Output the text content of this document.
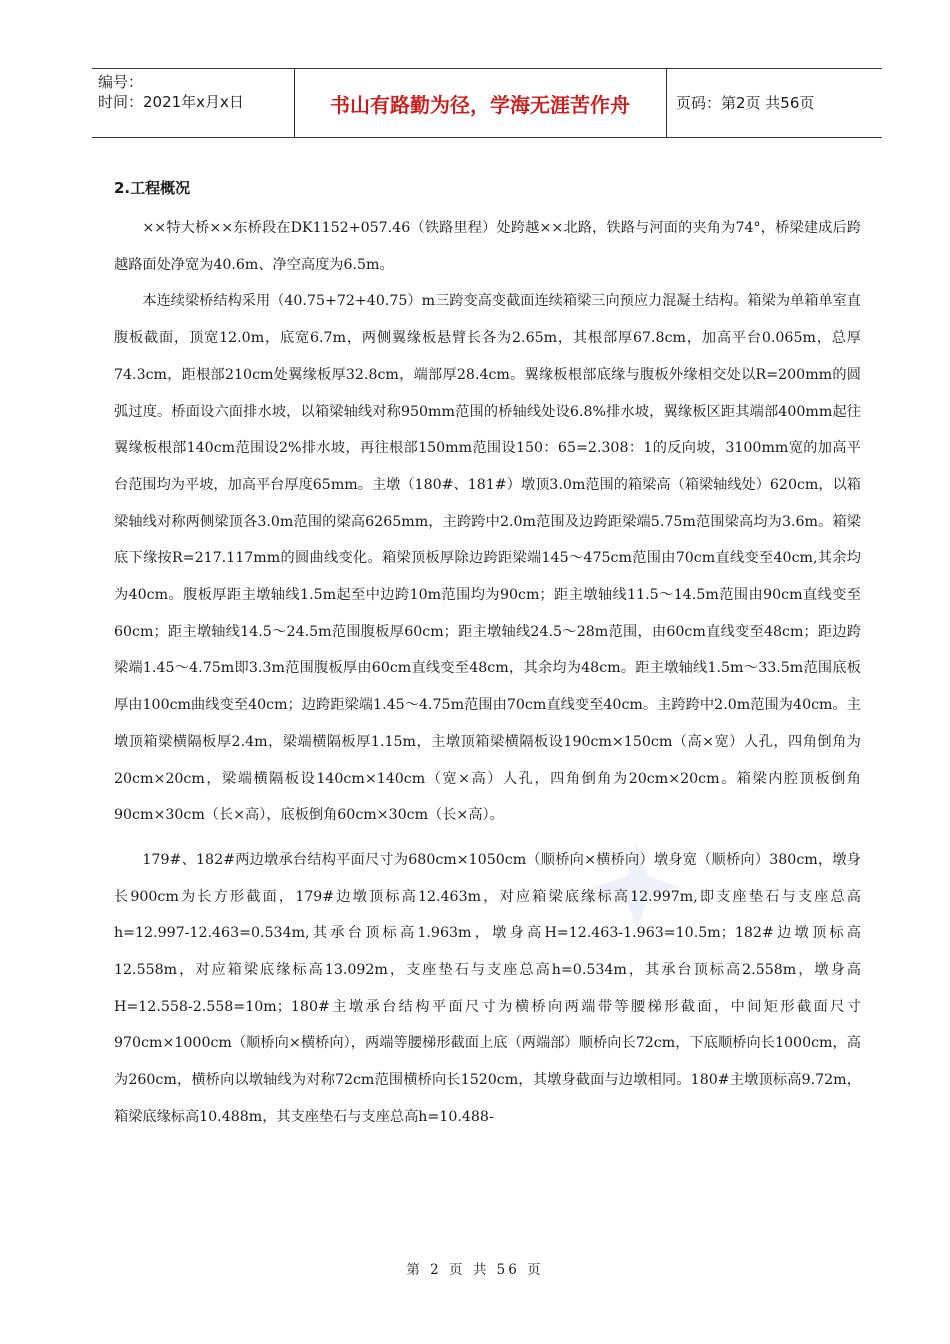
编号：
时间：2021年x月x日	书山有路勤为径，学海无涯苦作舟	页码：第2页 共56页
2.工程概况

××特大桥××东桥段在DK1152+057.46（铁路里程）处跨越××北路，铁路与河面的夹角为74°，桥梁建成后跨越路面处净宽为40.6m、净空高度为6.5m。

本连续梁桥结构采用（40.75+72+40.75）m三跨变高变截面连续箱梁三向预应力混凝土结构。箱梁为单箱单室直腹板截面，顶宽12.0m，底宽6.7m，两侧翼缘板悬臂长各为2.65m，其根部厚67.8cm，加高平台0.065m，总厚74.3cm，距根部210cm处翼缘板厚32.8cm，端部厚28.4cm。翼缘板根部底缘与腹板外缘相交处以R=200mm的圆弧过度。桥面设六面排水坡，以箱梁轴线对称950mm范围的桥轴线处设6.8%排水坡，翼缘板区距其端部400mm起往翼缘板根部140cm范围设2%排水坡，再往根部150mm范围设150：65=2.308：1的反向坡，3100mm宽的加高平台范围均为平坡，加高平台厚度65mm。主墩（180#、181#）墩顶3.0m范围的箱梁高（箱梁轴线处）620cm，以箱梁轴线对称两侧梁顶各3.0m范围的梁高6265mm，主跨跨中2.0m范围及边跨距梁端5.75m范围梁高均为3.6m。箱梁底下缘按R=217.117mm的圆曲线变化。箱梁顶板厚除边跨距梁端145～475cm范围由70cm直线变至40cm,其余均为40cm。腹板厚距主墩轴线1.5m起至中边跨10m范围均为90cm；距主墩轴线11.5～14.5m范围由90cm直线变至60cm；距主墩轴线14.5～24.5m范围腹板厚60cm；距主墩轴线24.5～28m范围，由60cm直线变至48cm；距边跨梁端1.45～4.75m即3.3m范围腹板厚由60cm直线变至48cm，其余均为48cm。距主墩轴线1.5m～33.5m范围底板厚由100cm曲线变至40cm；边跨距梁端1.45～4.75m范围由70cm直线变至40cm。主跨跨中2.0m范围为40cm。主墩顶箱梁横隔板厚2.4m，梁端横隔板厚1.15m，主墩顶箱梁横隔板设190cm×150cm（高×宽）人孔，四角倒角为20cm×20cm，梁端横隔板设140cm×140cm（宽×高）人孔，四角倒角为20cm×20cm。箱梁内腔顶板倒角90cm×30cm（长×高），底板倒角60cm×30cm（长×高）。

179#、182#两边墩承台结构平面尺寸为680cm×1050cm（顺桥向×横桥向）墩身宽（顺桥向）380cm，墩身长900cm为长方形截面，179#边墩顶标高12.463m，对应箱梁底缘标高12.997m,即支座垫石与支座总高h=12.997-12.463=0.534m,其承台顶标高1.963m，墩身高H=12.463-1.963=10.5m；182#边墩顶标高12.558m，对应箱梁底缘标高13.092m，支座垫石与支座总高h=0.534m，其承台顶标高2.558m，墩身高H=12.558-2.558=10m；180#主墩承台结构平面尺寸为横桥向两端带等腰梯形截面，中间矩形截面尺寸970cm×1000cm（顺桥向×横桥向），两端等腰梯形截面上底（两端部）顺桥向长72cm，下底顺桥向长1000cm，高为260cm，横桥向以墩轴线为对称72cm范围横桥向长1520cm，其墩身截面与边墩相同。180#主墩顶标高9.72m，箱梁底缘标高10.488m，其支座垫石与支座总高h=10.488-

第 2 页 共 56 页
